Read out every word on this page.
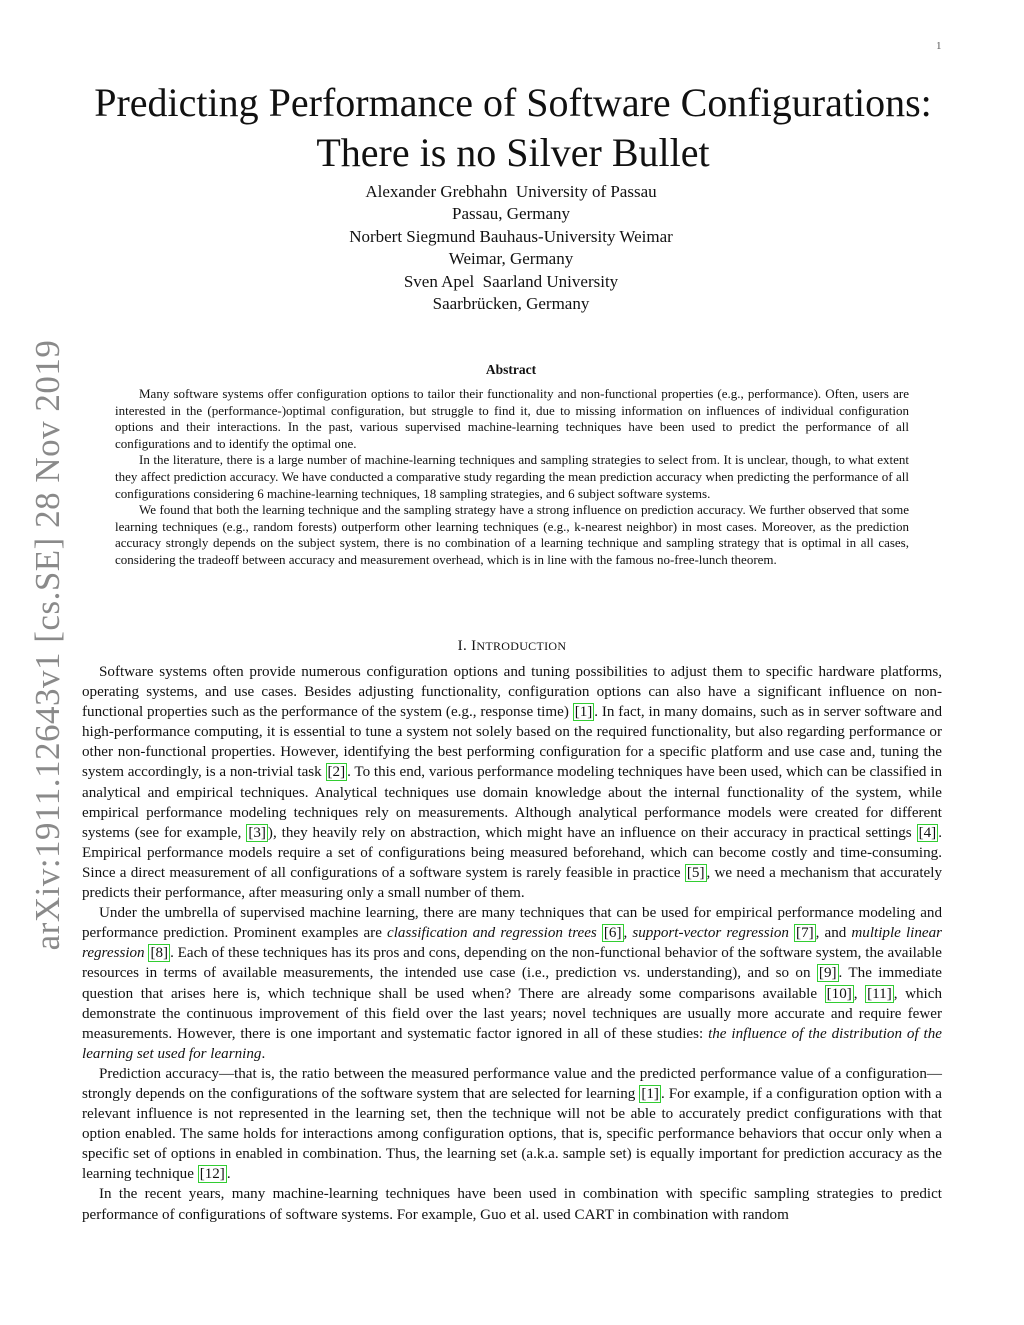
1
arXiv:1911.12643v1 [cs.SE] 28 Nov 2019
Predicting Performance of Software Configurations:
There is no Silver Bullet
Alexander Grebhahn  University of Passau
Passau, Germany
Norbert Siegmund Bauhaus-University Weimar
Weimar, Germany
Sven Apel  Saarland University
Saarbrücken, Germany
Abstract

Many software systems offer configuration options to tailor their functionality and non-functional properties (e.g., performance). Often, users are interested in the (performance-)optimal configuration, but struggle to find it, due to missing information on influences of individual configuration options and their interactions. In the past, various supervised machine-learning techniques have been used to predict the performance of all configurations and to identify the optimal one.

In the literature, there is a large number of machine-learning techniques and sampling strategies to select from. It is unclear, though, to what extent they affect prediction accuracy. We have conducted a comparative study regarding the mean prediction accuracy when predicting the performance of all configurations considering 6 machine-learning techniques, 18 sampling strategies, and 6 subject software systems.

We found that both the learning technique and the sampling strategy have a strong influence on prediction accuracy. We further observed that some learning techniques (e.g., random forests) outperform other learning techniques (e.g., k-nearest neighbor) in most cases. Moreover, as the prediction accuracy strongly depends on the subject system, there is no combination of a learning technique and sampling strategy that is optimal in all cases, considering the tradeoff between accuracy and measurement overhead, which is in line with the famous no-free-lunch theorem.

I. INTRODUCTION

Software systems often provide numerous configuration options and tuning possibilities to adjust them to specific hardware platforms, operating systems, and use cases. Besides adjusting functionality, configuration options can also have a significant influence on non-functional properties such as the performance of the system (e.g., response time) [1] . In fact, in many domains, such as in server software and high-performance computing, it is essential to tune a system not solely based on the required functionality, but also regarding performance or other non-functional properties. However, identifying the best performing configuration for a specific platform and use case and, tuning the system accordingly, is a non-trivial task [2] . To this end, various performance modeling techniques have been used, which can be classified in analytical and empirical techniques. Analytical techniques use domain knowledge about the internal functionality of the system, while empirical performance modeling techniques rely on measurements. Although analytical performance models were created for different systems (see for example, [3] ), they heavily rely on abstraction, which might have an influence on their accuracy in practical settings [4] . Empirical performance models require a set of configurations being measured beforehand, which can become costly and time-consuming. Since a direct measurement of all configurations of a software system is rarely feasible in practice [5] , we need a mechanism that accurately predicts their performance, after measuring only a small number of them.

Under the umbrella of supervised machine learning, there are many techniques that can be used for empirical performance modeling and performance prediction. Prominent examples are classification and regression trees [6] , support-vector regression [7] , and multiple linear regression [8] . Each of these techniques has its pros and cons, depending on the non-functional behavior of the software system, the available resources in terms of available measurements, the intended use case (i.e., prediction vs. understanding), and so on [9] . The immediate question that arises here is, which technique shall be used when? There are already some comparisons available [10] , [11] , which demonstrate the continuous improvement of this field over the last years; novel techniques are usually more accurate and require fewer measurements. However, there is one important and systematic factor ignored in all of these studies: the influence of the distribution of the learning set used for learning.

Prediction accuracy—that is, the ratio between the measured performance value and the predicted performance value of a configuration—strongly depends on the configurations of the software system that are selected for learning [1] . For example, if a configuration option with a relevant influence is not represented in the learning set, then the technique will not be able to accurately predict configurations with that option enabled. The same holds for interactions among configuration options, that is, specific performance behaviors that occur only when a specific set of options in enabled in combination. Thus, the learning set (a.k.a. sample set) is equally important for prediction accuracy as the learning technique [12] .

In the recent years, many machine-learning techniques have been used in combination with specific sampling strategies to predict performance of configurations of software systems. For example, Guo et al. used CART in combination with random
